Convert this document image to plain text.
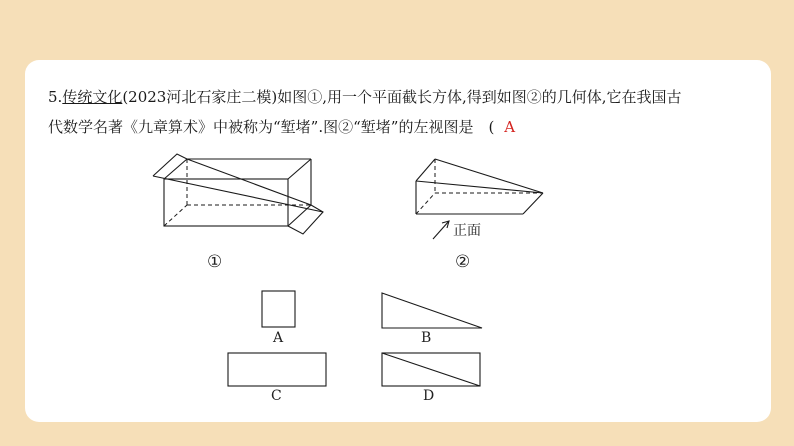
5.传统文化(2023河北石家庄二模)如图①,用一个平面截长方体,得到如图②的几何体,它在我国古
代数学名著《九章算术》中被称为“堑堵”.图②“堑堵”的左视图是　( A
①
正面
②
A	B
C	D
